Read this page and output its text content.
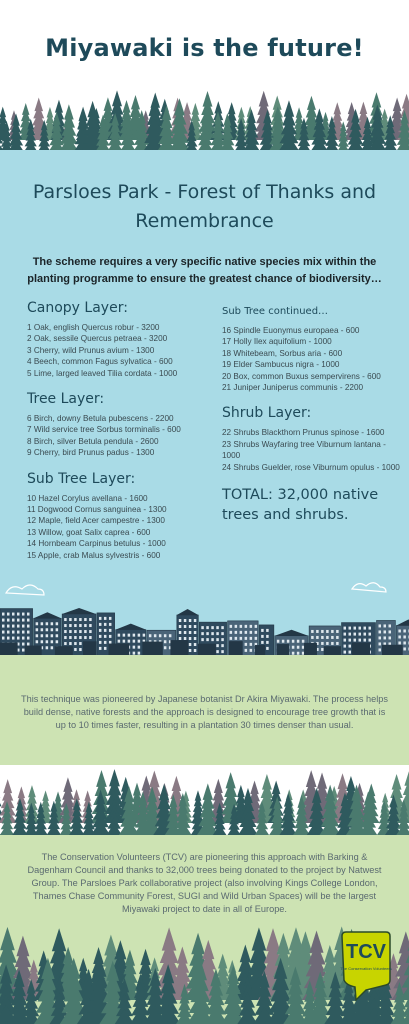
Miyawaki is the future!
Parsloes Park - Forest of Thanks and Remembrance

The scheme requires a very specific native species mix within the planting programme to ensure the greatest chance of biodiversity…

Canopy Layer:
1 Oak, english Quercus robur - 3200
2 Oak, sessile Quercus petraea - 3200
3 Cherry, wild Prunus avium - 1300
4 Beech, common Fagus sylvatica - 600
5 Lime, larged leaved Tilia cordata - 1000
Tree Layer:
6 Birch, downy Betula pubescens - 2200
7 Wild service tree Sorbus torminalis - 600
8 Birch, silver Betula pendula - 2600
9 Cherry, bird Prunus padus - 1300
Sub Tree Layer:
10 Hazel Corylus avellana - 1600
11 Dogwood Cornus sanguinea - 1300
12 Maple, field Acer campestre - 1300
13 Willow, goat Salix caprea - 600
14 Hornbeam Carpinus betulus - 1000
15 Apple, crab Malus sylvestris - 600
Sub Tree continued…
16 Spindle Euonymus europaea - 600
17 Holly Ilex aquifolium - 1000
18 Whitebeam, Sorbus aria - 600
19 Elder Sambucus nigra - 1000
20 Box, common Buxus sempervirens - 600
21 Juniper Juniperus communis - 2200
Shrub Layer:
22 Shrubs Blackthorn Prunus spinose - 1600
23 Shrubs Wayfaring tree Viburnum lantana - 1000
24 Shrubs Guelder, rose Viburnum opulus - 1000
TOTAL: 32,000 native trees and shrubs.

This technique was pioneered by Japanese botanist Dr Akira Miyawaki. The process helps build dense, native forests and the approach is designed to encourage tree growth that is up to 10 times faster, resulting in a plantation 30 times denser than usual.

The Conservation Volunteers (TCV) are pioneering this approach with Barking & Dagenham Council and thanks to 32,000 trees being donated to the project by Natwest Group. The Parsloes Park collaborative project (also involving Kings College London, Thames Chase Community Forest, SUGI and Wild Urban Spaces) will be the largest Miyawaki project to date in all of Europe.

TCV
The Conservation Volunteers
